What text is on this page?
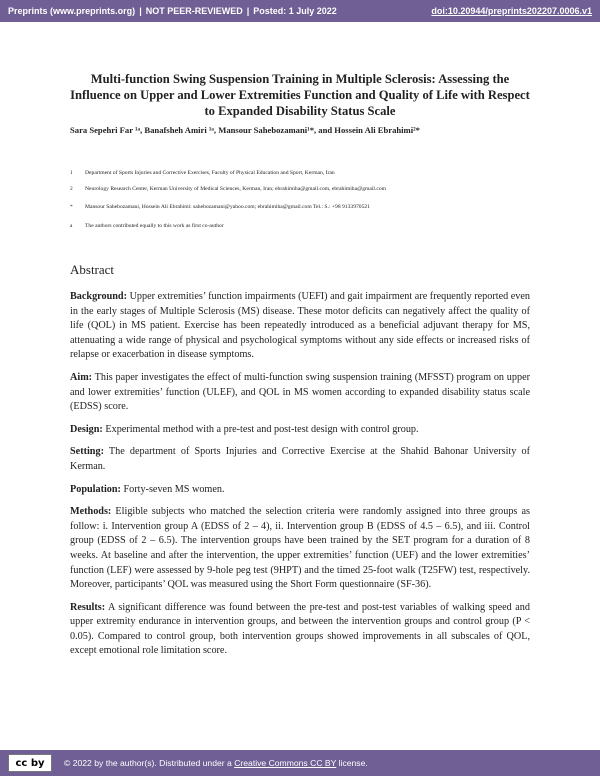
Preprints (www.preprints.org) | NOT PEER-REVIEWED | Posted: 1 July 2022	doi:10.20944/preprints202207.0006.v1
Multi-function Swing Suspension Training in Multiple Sclerosis: Assessing the Influence on Upper and Lower Extremities Function and Quality of Life with Respect to Expanded Disability Status Scale
Sara Sepehri Far ¹ᵃ, Banafsheh Amiri ¹ᵃ, Mansour Sahebozamani¹*, and Hossein Ali Ebrahimi²*
1	Department of Sports Injuries and Corrective Exercises, Faculty of Physical Education and Sport, Kerman, Iran
2	Neurology Research Center, Kerman University of Medical Sciences, Kerman, Iran; ebrahimiha@gmail.com, ebrahimiha@gmail.com
*	Mansour Sahebozamani, Hossein Ali Ebrahimi: sahebozamani@yahoo.com; ebrahimiha@gmail.com Tel.: S.: +98 9133970521
a	The authors contributed equally to this work as first co-author
Abstract

Background: Upper extremities’ function impairments (UEFI) and gait impairment are frequently reported even in the early stages of Multiple Sclerosis (MS) disease. These motor deficits can negatively affect the quality of life (QOL) in MS patient. Exercise has been repeatedly introduced as a beneficial adjuvant therapy for MS, attenuating a wide range of physical and psychological symptoms without any side effects or increased risks of relapse or exacerbation in disease symptoms.

Aim: This paper investigates the effect of multi-function swing suspension training (MFSST) program on upper and lower extremities’ function (ULEF), and QOL in MS women according to expanded disability status scale (EDSS) score.

Design: Experimental method with a pre-test and post-test design with control group.

Setting: The department of Sports Injuries and Corrective Exercise at the Shahid Bahonar University of Kerman.

Population: Forty-seven MS women.

Methods: Eligible subjects who matched the selection criteria were randomly assigned into three groups as follow: i. Intervention group A (EDSS of 2 – 4), ii. Intervention group B (EDSS of 4.5 – 6.5), and iii. Control group (EDSS of 2 – 6.5). The intervention groups have been trained by the SET program for a duration of 8 weeks. At baseline and after the intervention, the upper extremities’ function (UEF) and the lower extremities’ function (LEF) were assessed by 9-hole peg test (9HPT) and the timed 25-foot walk (T25FW) test, respectively. Moreover, participants’ QOL was measured using the Short Form questionnaire (SF-36).

Results: A significant difference was found between the pre-test and post-test variables of walking speed and upper extremity endurance in intervention groups, and between the intervention groups and control group (P < 0.05). Compared to control group, both intervention groups showed improvements in all subscales of QOL, except emotional role limitation score.

cc by © 2022 by the author(s). Distributed under a Creative Commons CC BY license.
